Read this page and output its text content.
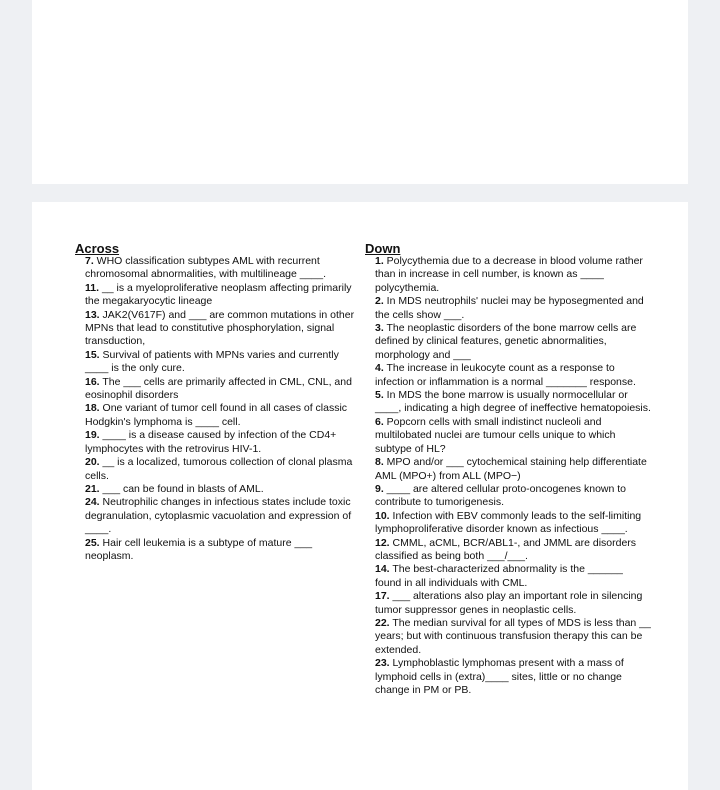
Across

7. WHO classification subtypes AML with recurrent chromosomal abnormalities, with multilineage ____.

11. __ is a myeloproliferative neoplasm affecting primarily the megakaryocytic lineage

13. JAK2(V617F) and ___ are common mutations in other MPNs that lead to constitutive phosphorylation, signal transduction,

15. Survival of patients with MPNs varies and currently ____ is the only cure.

16. The ___ cells are primarily affected in CML, CNL, and eosinophil disorders

18. One variant of tumor cell found in all cases of classic Hodgkin's lymphoma is ____ cell.

19. ____ is a disease caused by infection of the CD4+ lymphocytes with the retrovirus HIV-1.

20. __ is a localized, tumorous collection of clonal plasma cells.

21. ___ can be found in blasts of AML.

24. Neutrophilic changes in infectious states include toxic degranulation, cytoplasmic vacuolation and expression of ____.

25. Hair cell leukemia is a subtype of mature ___ neoplasm.

Down

1. Polycythemia due to a decrease in blood volume rather than in increase in cell number, is known as ____ polycythemia.

2. In MDS neutrophils' nuclei may be hyposegmented and the cells show ___.

3. The neoplastic disorders of the bone marrow cells are defined by clinical features, genetic abnormalities, morphology and ___

4. The increase in leukocyte count as a response to infection or inflammation is a normal _______ response.

5. In MDS the bone marrow is usually normocellular or ____, indicating a high degree of ineffective hematopoiesis.

6. Popcorn cells with small indistinct nucleoli and multilobated nuclei are tumour cells unique to which subtype of HL?

8. MPO and/or ___ cytochemical staining help differentiate AML (MPO+) from ALL (MPO−)

9. ____ are altered cellular proto-oncogenes known to contribute to tumorigenesis.

10. Infection with EBV commonly leads to the self-limiting lymphoproliferative disorder known as infectious ____.

12. CMML, aCML, BCR/ABL1-, and JMML are disorders classified as being both ___/___.

14. The best-characterized abnormality is the ______ found in all individuals with CML.

17. ___ alterations also play an important role in silencing tumor suppressor genes in neoplastic cells.

22. The median survival for all types of MDS is less than __ years; but with continuous transfusion therapy this can be extended.

23. Lymphoblastic lymphomas present with a mass of lymphoid cells in (extra)____ sites, little or no change change in PM or PB.
